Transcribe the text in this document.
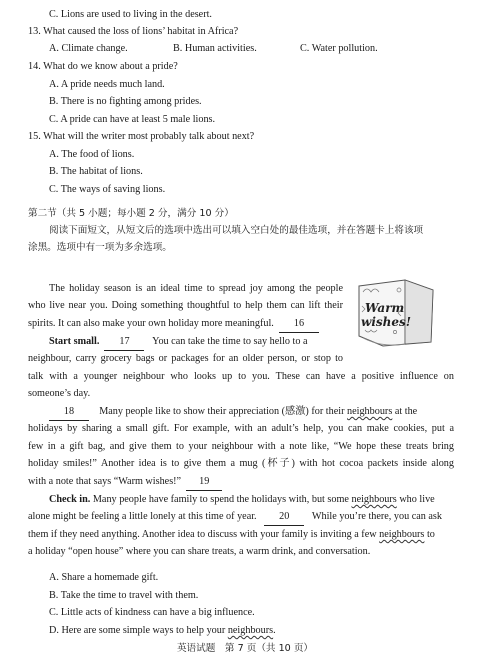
C. Lions are used to living in the desert.
13. What caused the loss of lions’ habitat in Africa?
A. Climate change.	B. Human activities.	C. Water pollution.
14. What do we know about a pride?
A. A pride needs much land.
B. There is no fighting among prides.
C. A pride can have at least 5 male lions.
15. What will the writer most probably talk about next?
A. The food of lions.
B. The habitat of lions.
C. The ways of saving lions.
第二节（共 5 小题；每小题 2 分，满分 10 分）
阅读下面短文，从短文后的选项中选出可以填入空白处的最佳选项，并在答题卡上将该项
涂黑。选项中有一项为多余选项。
Warm
wishes!
The holiday season is an ideal time to spread joy among the people
who live near you. Doing something thoughtful to help them can lift their
spirits. It can also make your own holiday more meaningful. 16
Start small. 17 You can take the time to say hello to a
neighbour, carry grocery bags or packages for an older person, or stop to
talk with a younger neighbour who looks up to you. These can have a positive influence on
someone’s day.
18 Many people like to show their appreciation (感激) for their neighbours at the
holidays by sharing a small gift. For example, with an adult’s help, you can make cookies, put a
few in a gift bag, and give them to your neighbour with a note like, “We hope these treats bring
holiday smiles!” Another idea is to give them a mug (杯子) with hot cocoa packets inside along
with a note that says “Warm wishes!” 19
Check in. Many people have family to spend the holidays with, but some neighbours who live
alone might be feeling a little lonely at this time of year. 20 While you’re there, you can ask
them if they need anything. Another idea to discuss with your family is inviting a few neighbours to
a holiday “open house” where you can share treats, a warm drink, and conversation.
A. Share a homemade gift.
B. Take the time to travel with them.
C. Little acts of kindness can have a big influence.
D. Here are some simple ways to help your neighbours.
英语试题　第 7 页（共 10 页）
